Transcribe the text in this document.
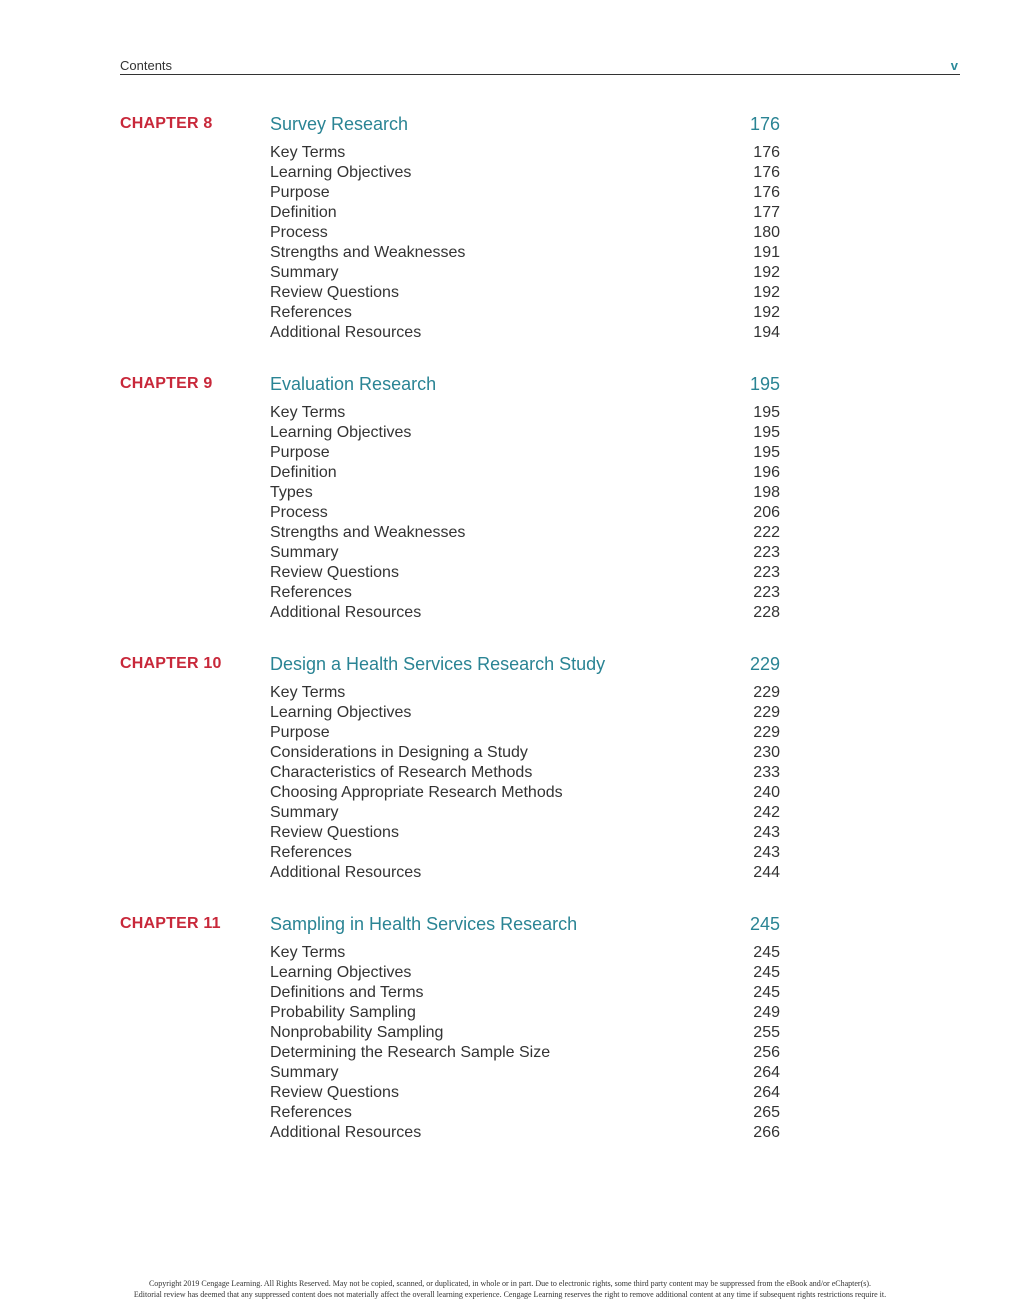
Contents	v
CHAPTER 8	Survey Research	176
Key Terms	176
Learning Objectives	176
Purpose	176
Definition	177
Process	180
Strengths and Weaknesses	191
Summary	192
Review Questions	192
References	192
Additional Resources	194
CHAPTER 9	Evaluation Research	195
Key Terms	195
Learning Objectives	195
Purpose	195
Definition	196
Types	198
Process	206
Strengths and Weaknesses	222
Summary	223
Review Questions	223
References	223
Additional Resources	228
CHAPTER 10	Design a Health Services Research Study	229
Key Terms	229
Learning Objectives	229
Purpose	229
Considerations in Designing a Study	230
Characteristics of Research Methods	233
Choosing Appropriate Research Methods	240
Summary	242
Review Questions	243
References	243
Additional Resources	244
CHAPTER 11	Sampling in Health Services Research	245
Key Terms	245
Learning Objectives	245
Definitions and Terms	245
Probability Sampling	249
Nonprobability Sampling	255
Determining the Research Sample Size	256
Summary	264
Review Questions	264
References	265
Additional Resources	266
Copyright 2019 Cengage Learning. All Rights Reserved. May not be copied, scanned, or duplicated, in whole or in part. Due to electronic rights, some third party content may be suppressed from the eBook and/or eChapter(s).
Editorial review has deemed that any suppressed content does not materially affect the overall learning experience. Cengage Learning reserves the right to remove additional content at any time if subsequent rights restrictions require it.
